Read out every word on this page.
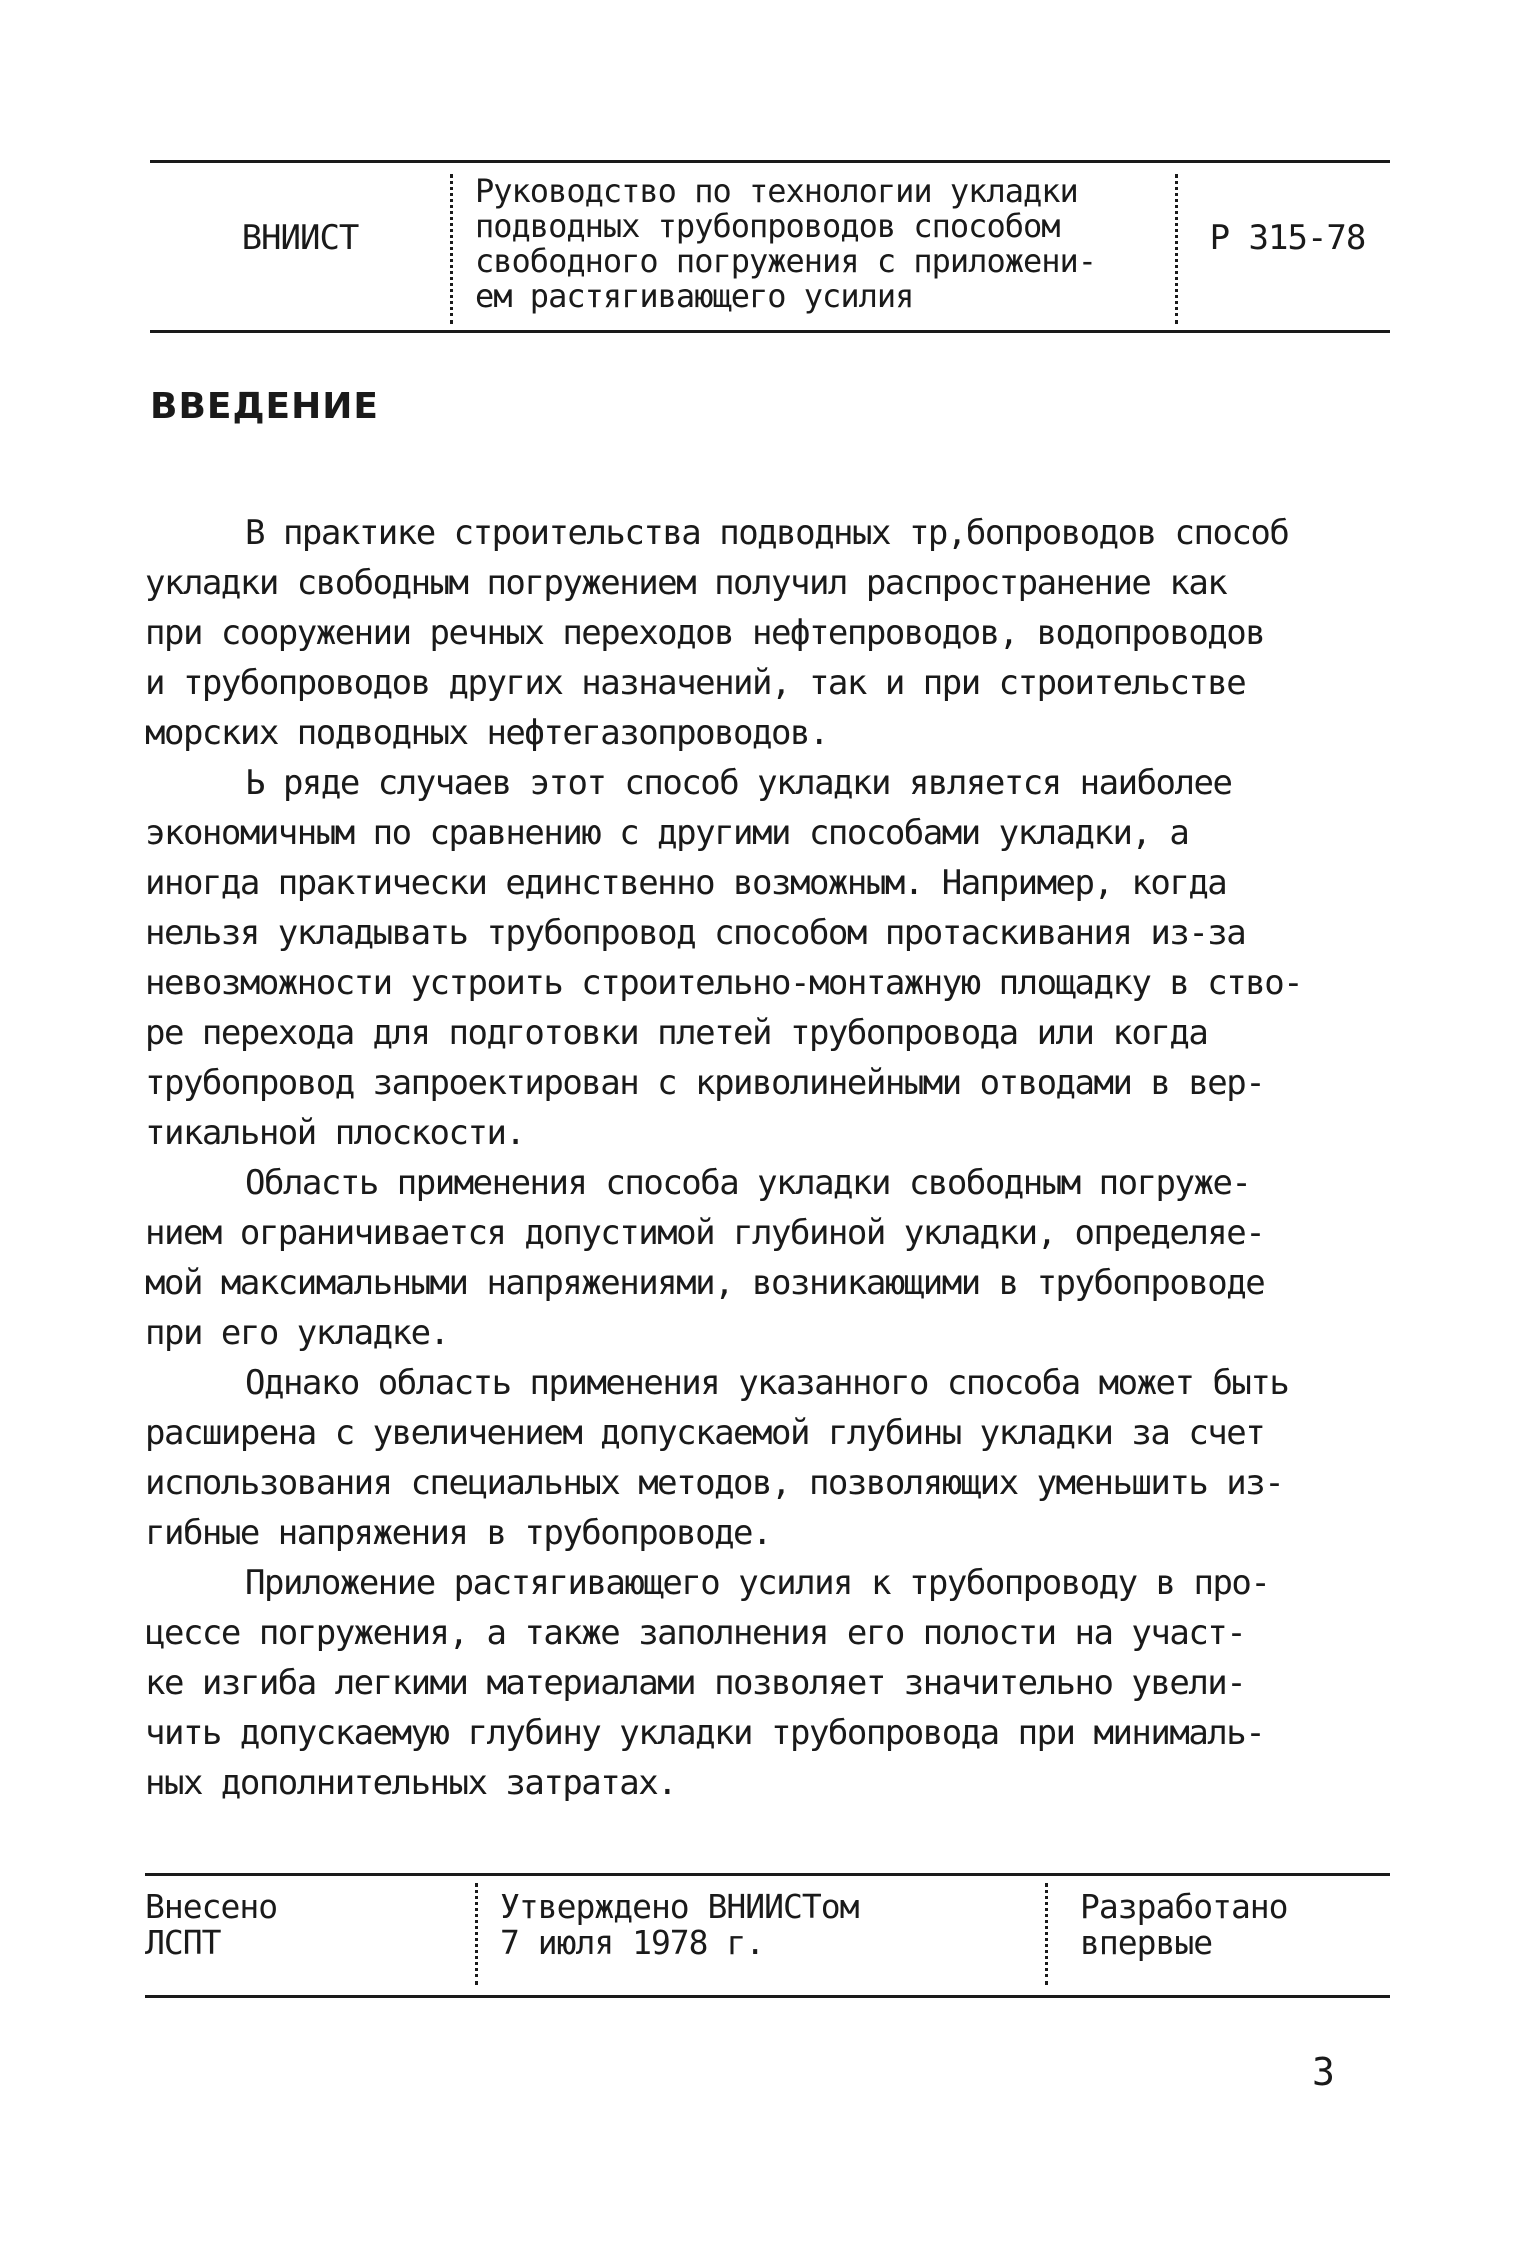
ВНИИСТ
Руководство по технологии укладки
подводных трубопроводов способом
свободного погружения с приложени-
ем растягивающего усилия
Р 315-78
ВВЕДЕНИЕ

В практике строительства подводных тр,бопроводов способ
укладки свободным погружением получил распространение как
при сооружении речных переходов нефтепроводов, водопроводов
и трубопроводов других назначений, так и при строительстве
морских подводных нефтегазопроводов.

Ь ряде случаев этот способ укладки является наиболее
экономичным по сравнению с другими способами укладки, а
иногда практически единственно возможным. Например, когда
нельзя укладывать трубопровод способом протаскивания из-за
невозможности устроить строительно-монтажную площадку в ство-
ре перехода для подготовки плетей трубопровода или когда
трубопровод запроектирован с криволинейными отводами в вер-
тикальной плоскости.

Область применения способа укладки свободным погруже-
нием ограничивается допустимой глубиной укладки, определяе-
мой максимальными напряжениями, возникающими в трубопроводе
при его укладке.

Однако область применения указанного способа может быть
расширена с увеличением допускаемой глубины укладки за счет
использования специальных методов, позволяющих уменьшить из-
гибные напряжения в трубопроводе.

Приложение растягивающего усилия к трубопроводу в про-
цессе погружения, а также заполнения его полости на участ-
ке изгиба легкими материалами позволяет значительно увели-
чить допускаемую глубину укладки трубопровода при минималь-
ных дополнительных затратах.

Внесено
ЛСПТ
Утверждено ВНИИСТом
7 июля 1978 г.
Разработано
впервые
3
